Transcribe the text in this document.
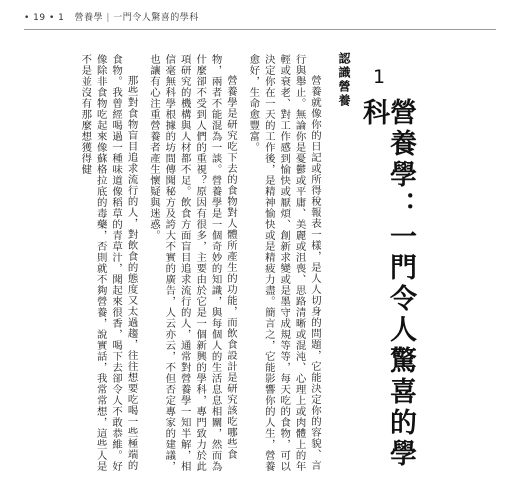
• 19 • 1 營養學 | 一門令人驚喜的學科
1
營養學：一門令人驚喜的學科
認識營養

營養就像你的日記或所得稅報表一樣，是人人切身的問題，它能決定你的容貌、言行與舉止。無論你是憂鬱或平庸、美麗或沮喪、思路清晰或混沌、心理上或肉體上的年輕或衰老、對工作感到愉快或厭煩、創新求變或是墨守成規等等，每天吃的食物，可以決定你在一天的工作後，是精神愉快或是精疲力盡。簡言之，它能影響你的人生，營養愈好，生命愈豐富。

營養學是研究吃下去的食物對人體所產生的功能，而飲食設計是研究該吃哪些食物，兩者不能混為一談。營養學是一個奇妙的知識，與每個人的生活息息相關，然而為什麼卻不受到人們的重視？原因有很多，主要由於它是一個新興的學科，專門致力於此項研究的機構與人材都不足。飲食方面盲目追求流行的人，通常對營養學一知半解，相信毫無科學根據的坊間傳聞秘方及誇大不實的廣告，人云亦云，不但否定專家的建議，也讓有心注重營養者產生懷疑與迷惑。

那些對食物盲目追求流行的人，對飲食的態度又太過趨，往往想要吃喝一些極端的食物。我曾經喝過一種味道像稻草的青草汁，聞起來很香，喝下去卻令人不敢恭維。好像除非食物吃起來像蘇格拉底的毒藥，否則就不夠營養，說實話，我常常想，這些人是不是並沒有那麼想獲得健
